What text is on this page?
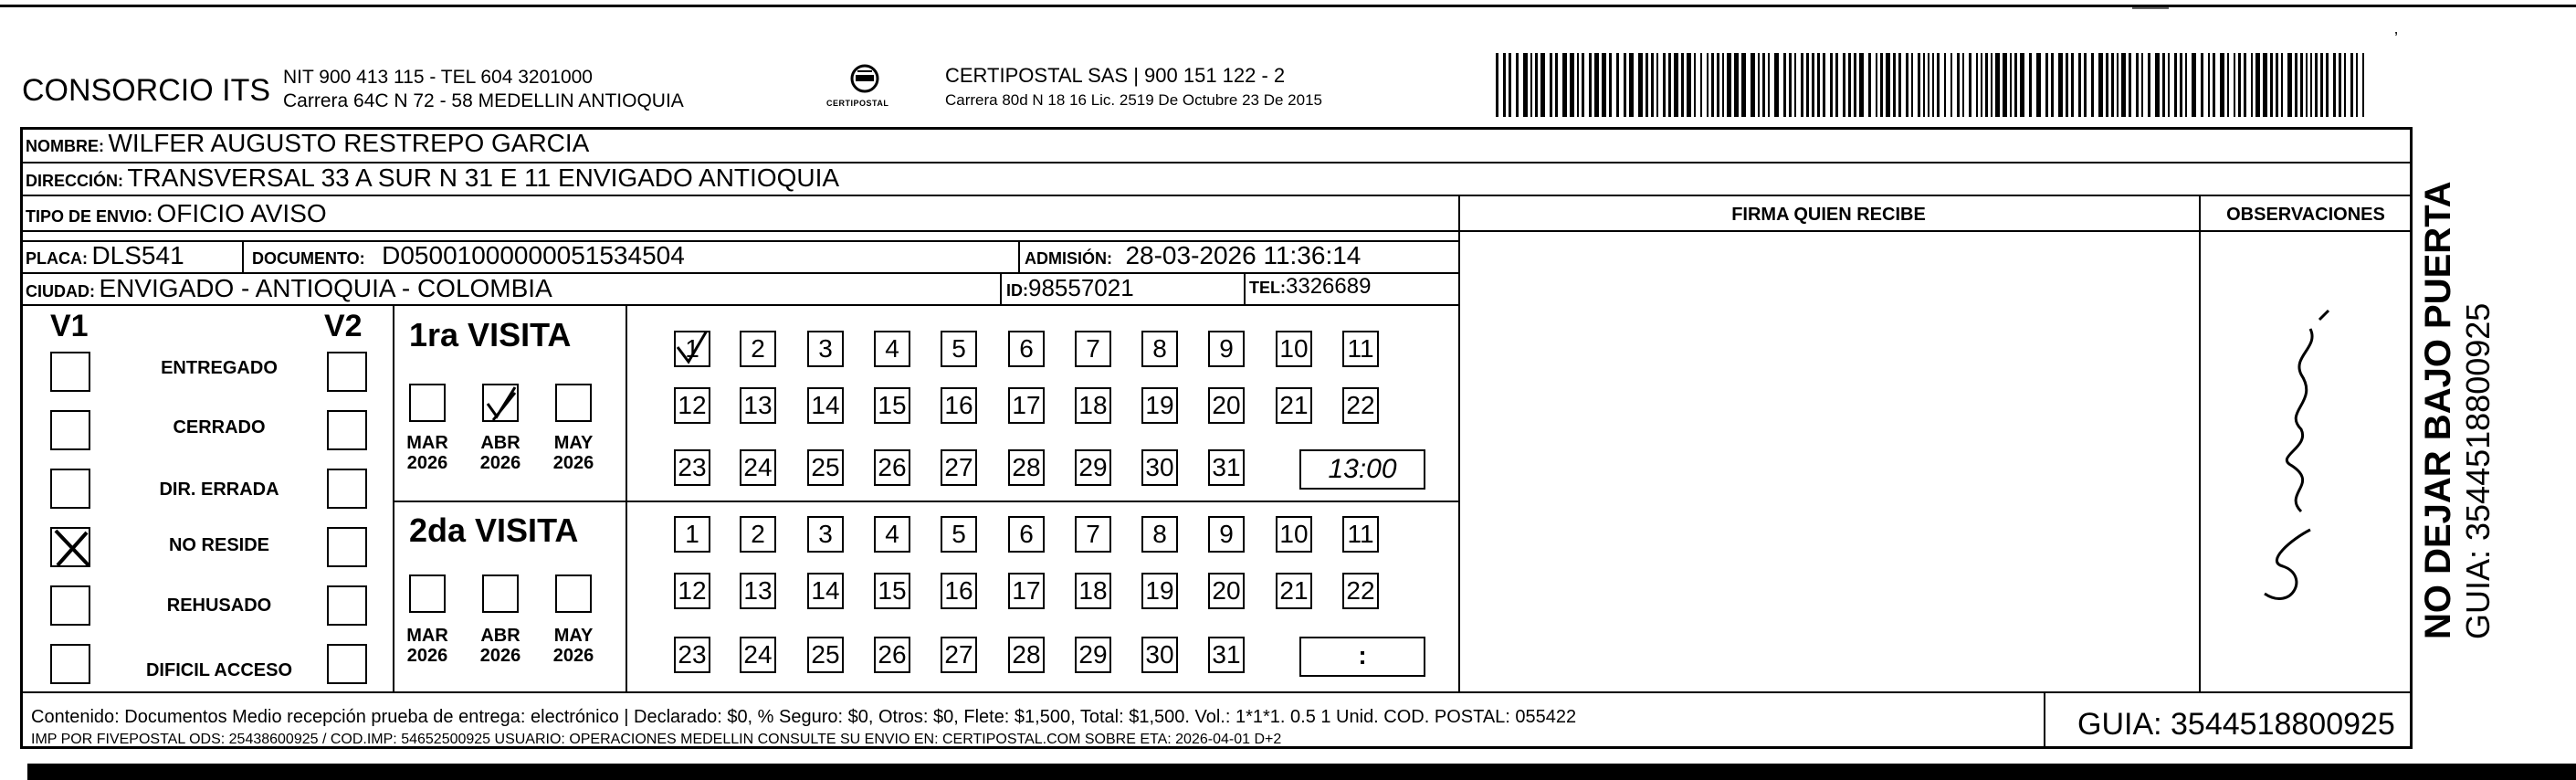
’
CONSORCIO ITS NIT 900 413 115 - TEL 604 3201000
Carrera 64C N 72 - 58 MEDELLIN ANTIOQUIA	CERTIPOSTAL
CERTIPOSTAL SAS | 900 151 122 - 2
Carrera 80d N 18 16 Lic. 2519 De Octubre 23 De 2015
NOMBRE: WILFER AUGUSTO RESTREPO GARCIA
DIRECCIÓN: TRANSVERSAL 33 A SUR N 31 E 11 ENVIGADO ANTIOQUIA
TIPO DE ENVIO: OFICIO AVISO
PLACA: DLS541	DOCUMENTO: D05001000000051534504	ADMISIÓN: 28-03-2026 11:36:14
CIUDAD: ENVIGADO - ANTIOQUIA - COLOMBIA	ID:98557021	TEL:3326689
FIRMA QUIEN RECIBE	OBSERVACIONES
V1	V2
ENTREGADO
CERRADO
DIR. ERRADA
NO RESIDE
REHUSADO
DIFICIL ACCESO
1ra VISITA
MAR
2026
ABR
2026
MAY
2026
2da VISITA
MAR
2026
ABR
2026
MAY
2026
1	2	3	4	5	6	7	8	9	10 11
12 13 14 15 16 17 18 19 20 21 22
23 24 25 26 27 28 29 30 31
1	2	3	4	5	6	7	8	9	10 11
12 13 14 15 16 17 18 19 20 21 22
23 24 25 26 27 28 29 30 31
13:00
:
Contenido: Documentos Medio recepción prueba de entrega: electrónico | Declarado: $0, % Seguro: $0, Otros: $0, Flete: $1,500, Total: $1,500. Vol.: 1*1*1. 0.5 1 Unid. COD. POSTAL: 055422
IMP POR FIVEPOSTAL ODS: 25438600925 / COD.IMP: 54652500925 USUARIO: OPERACIONES MEDELLIN CONSULTE SU ENVIO EN: CERTIPOSTAL.COM SOBRE ETA: 2026-04-01 D+2	GUIA: 3544518800925
NO DEJAR BAJO PUERTA GUIA: 3544518800925
